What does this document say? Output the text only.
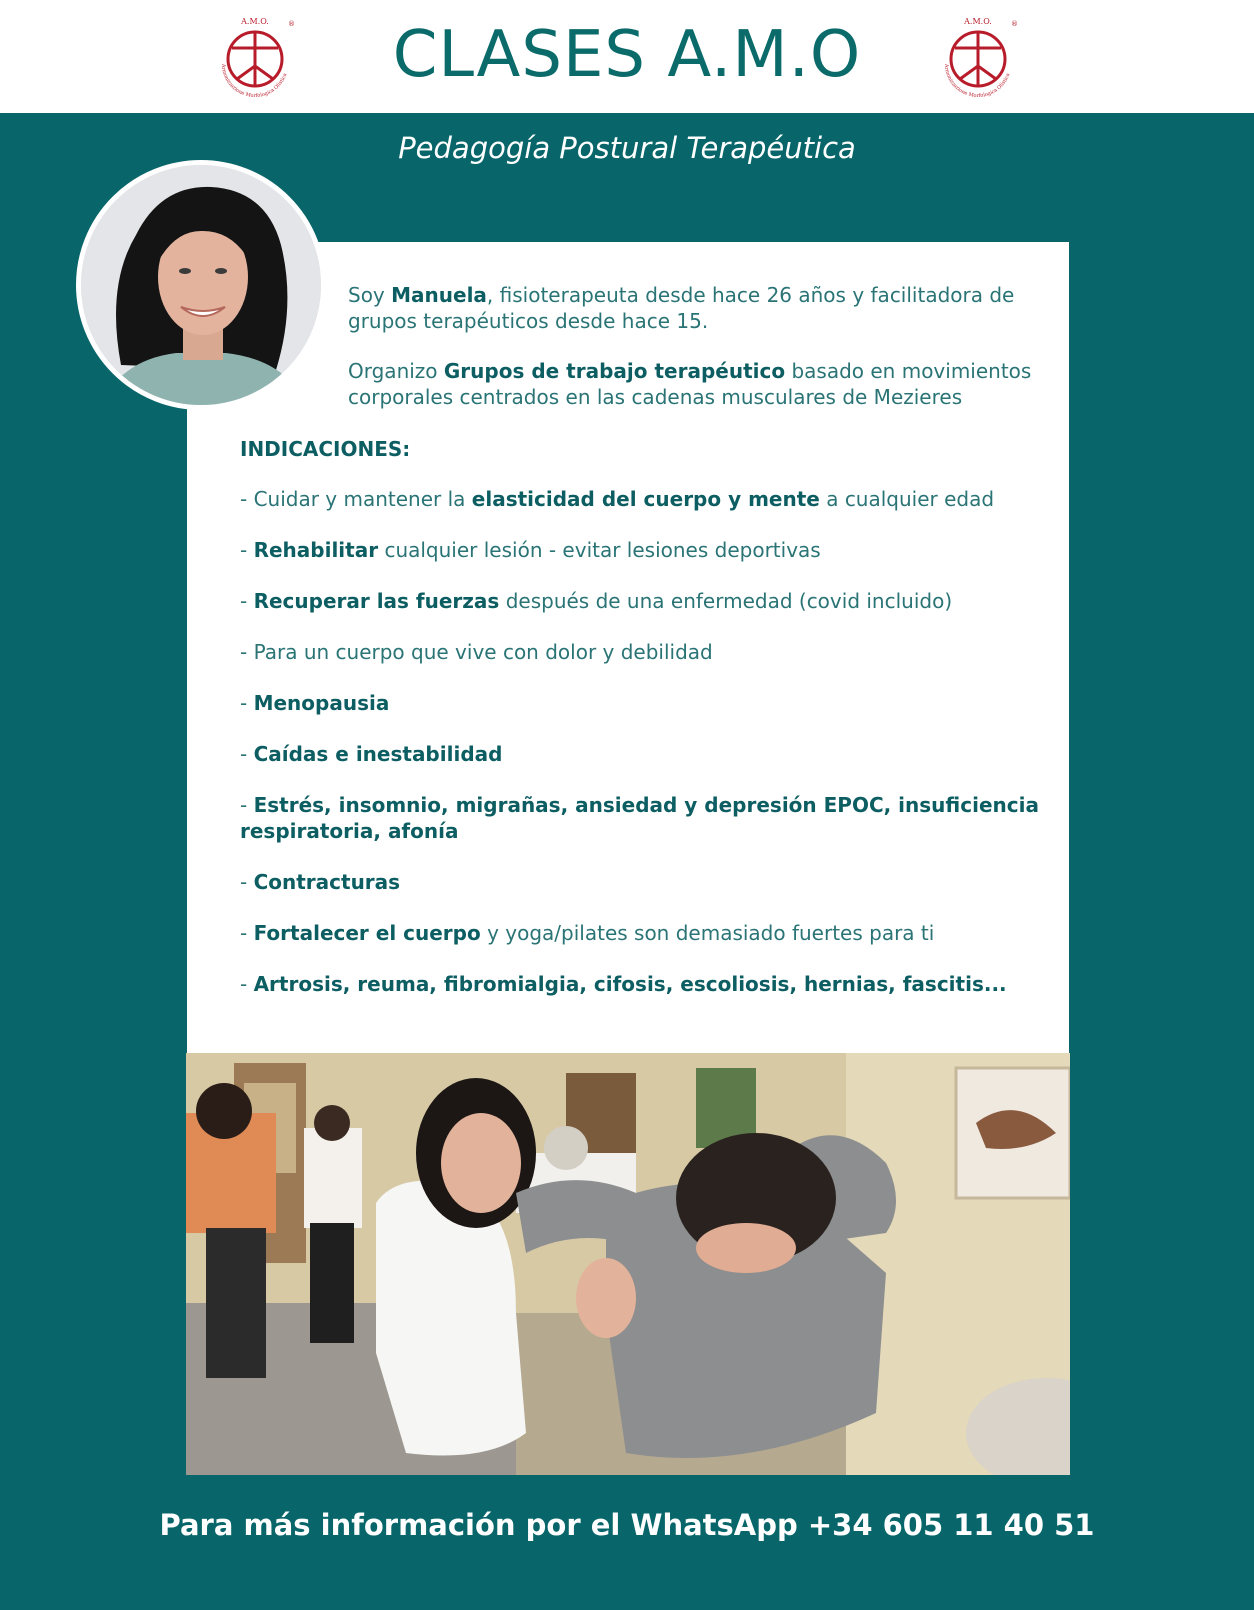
A.M.O.	®
Armonizzazione Morfologica Olistica	CLASES A.M.O	A.M.O.	®
Armonizzazione Morfologica Olistica
Pedagogía Postural Terapéutica

Soy Manuela, fisioterapeuta desde hace 26 años y facilitadora de grupos terapéuticos desde hace 15.

Organizo Grupos de trabajo terapéutico basado en movimientos corporales centrados en las cadenas musculares de Mezieres

INDICACIONES:
- Cuidar y mantener la elasticidad del cuerpo y mente a cualquier edad
- Rehabilitar cualquier lesión - evitar lesiones deportivas
- Recuperar las fuerzas después de una enfermedad (covid incluido)
- Para un cuerpo que vive con dolor y debilidad
- Menopausia
- Caídas e inestabilidad
- Estrés, insomnio, migrañas, ansiedad y depresión EPOC, insuficiencia respiratoria, afonía
- Contracturas
- Fortalecer el cuerpo y yoga/pilates son demasiado fuertes para ti
- Artrosis, reuma, fibromialgia, cifosis, escoliosis, hernias, fascitis...
Para más información por el WhatsApp +34 605 11 40 51
